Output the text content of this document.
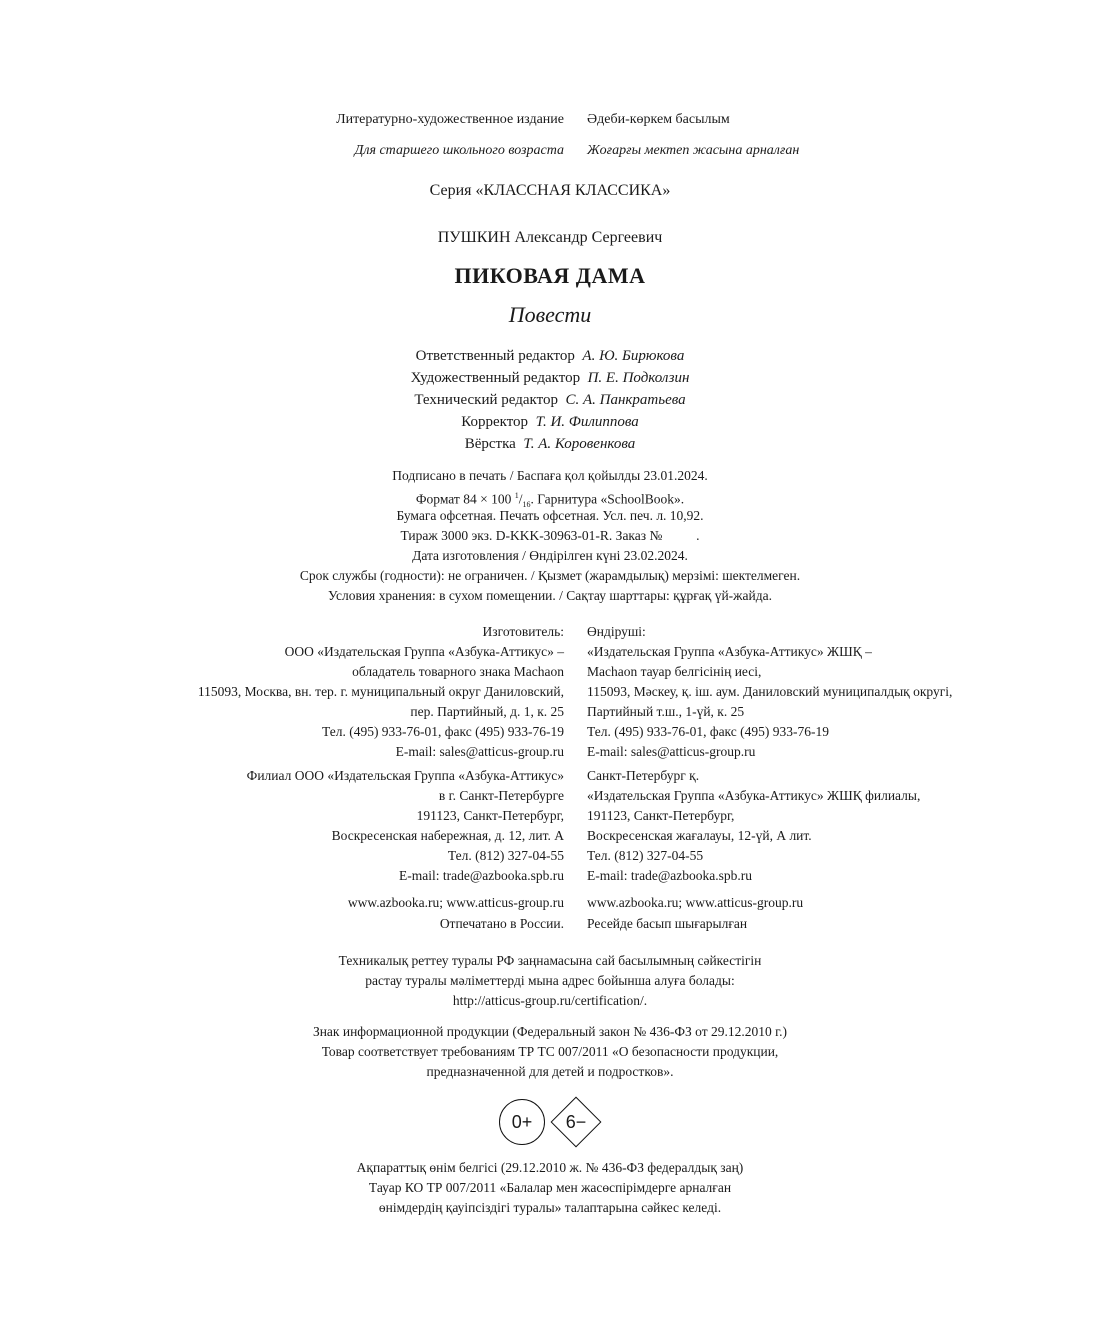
Литературно-художественное издание Әдеби-көркем басылым
Для старшего школьного возраста Жоғарғы мектеп жасына арналған
Серия «КЛАССНАЯ КЛАССИКА»
ПУШКИН Александр Сергеевич
ПИКОВАЯ ДАМА
Повести
Ответственный редактор А. Ю. Бирюкова
Художественный редактор П. Е. Подколзин
Технический редактор С. А. Панкратьева
Корректор Т. И. Филиппова
Вёрстка Т. А. Коровенкова
Подписано в печать / Баспаға қол қойылды 23.01.2024.
Формат 84 × 100 $^1/_{16}$. Гарнитура «SchoolBook».
Бумага офсетная. Печать офсетная. Усл. печ. л. 10,92.
Тираж 3000 экз. D-KKK-30963-01-R. Заказ №          .
Дата изготовления / Өндірілген күні 23.02.2024.
Срок службы (годности): не ограничен. / Қызмет (жарамдылық) мерзімі: шектелмеген.
Условия хранения: в сухом помещении. / Сақтау шарттары: құрғақ үй-жайда.
Изготовитель:
ООО «Издательская Группа «Азбука-Аттикус» –
обладатель товарного знака Machaon
115093, Москва, вн. тер. г. муниципальный округ Даниловский,
пер. Партийный, д. 1, к. 25
Тел. (495) 933-76-01, факс (495) 933-76-19
E-mail: sales@atticus-group.ru
Өндіруші:
«Издательская Группа «Азбука-Аттикус» ЖШҚ –
Machaon тауар белгісінің иесі,
115093, Мәскеу, қ. іш. аум. Даниловский муниципалдық округі,
Партийный т.ш., 1-үй, к. 25
Тел. (495) 933-76-01, факс (495) 933-76-19
E-mail: sales@atticus-group.ru
Филиал ООО «Издательская Группа «Азбука-Аттикус»
в г. Санкт-Петербурге
191123, Санкт-Петербург,
Воскресенская набережная, д. 12, лит. А
Тел. (812) 327-04-55
E-mail: trade@azbooka.spb.ru
Санкт-Петербург қ.
«Издательская Группа «Азбука-Аттикус» ЖШҚ филиалы,
191123, Санкт-Петербург,
Воскресенская жағалауы, 12-үй, А лит.
Тел. (812) 327-04-55
E-mail: trade@azbooka.spb.ru
www.azbooka.ru; www.atticus-group.ru
Отпечатано в России.
www.azbooka.ru; www.atticus-group.ru
Ресейде басып шығарылған
Техникалық реттеу туралы РФ заңнамасына сай басылымның сәйкестігін
растау туралы мәліметтерді мына адрес бойынша алуға болады:
http://atticus-group.ru/certification/.
Знак информационной продукции (Федеральный закон № 436-ФЗ от 29.12.2010 г.)
Товар соответствует требованиям ТР ТС 007/2011 «О безопасности продукции,
предназначенной для детей и подростков».
0+ 6−
Ақпараттық өнім белгісі (29.12.2010 ж. № 436-ФЗ федералдық заң)
Тауар КО ТР 007/2011 «Балалар мен жасөспірімдерге арналған
өнімдердің қауіпсіздігі туралы» талаптарына сәйкес келеді.
